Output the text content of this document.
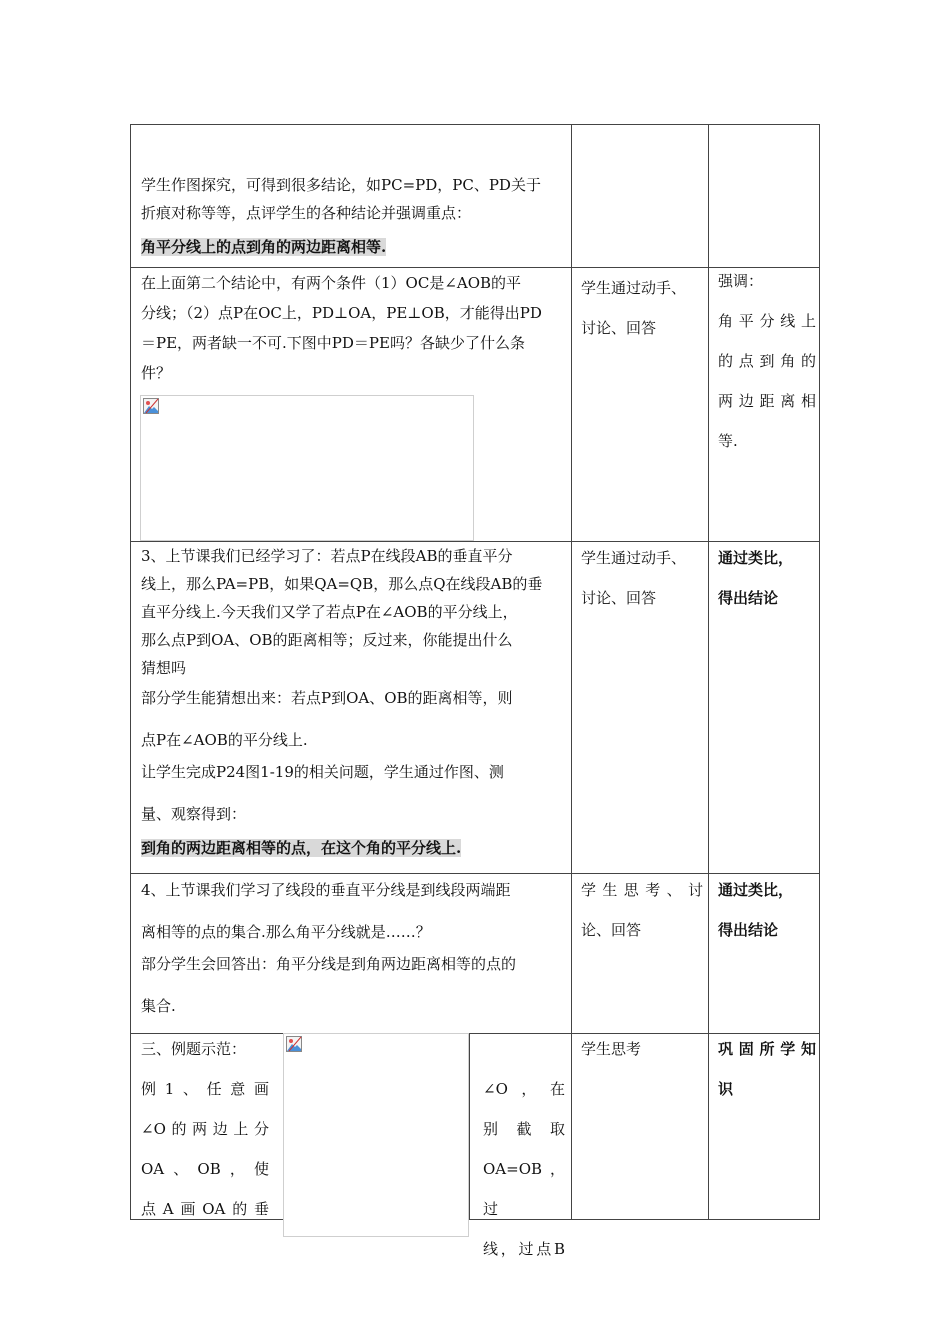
学生作图探究，可得到很多结论，如PC=PD，PC、PD关于

折痕对称等等，点评学生的各种结论并强调重点：

角平分线上的点到角的两边距离相等.

在上面第二个结论中，有两个条件（1）OC是∠AOB的平

分线；（2）点P在OC上，PD⊥OA，PE⊥OB，才能得出PD

＝PE，两者缺一不可.下图中PD＝PE吗？各缺少了什么条

件？

学生通过动手、

讨论、回答

强调：

角平分线上

的点到角的

两边距离相

等.

3、上节课我们已经学习了：若点P在线段AB的垂直平分

线上，那么PA=PB，如果QA=QB，那么点Q在线段AB的垂

直平分线上.今天我们又学了若点P在∠AOB的平分线上，

那么点P到OA、OB的距离相等；反过来，你能提出什么

猜想吗

部分学生能猜想出来：若点P到OA、OB的距离相等，则

点P在∠AOB的平分线上.

让学生完成P24图1-19的相关问题，学生通过作图、测

量、观察得到：

到角的两边距离相等的点，在这个角的平分线上.

学生通过动手、

讨论、回答

通过类比，

得出结论

4、上节课我们学习了线段的垂直平分线是到线段两端距

离相等的点的集合.那么角平分线就是……？

部分学生会回答出：角平分线是到角两边距离相等的点的

集合.

学生思考、讨

论、回答

通过类比，

得出结论

三、例题示范：

例1、任意画

∠O的两边上分

OA、OB，使

点A画OA的垂

∠O，在

别截取

OA=OB，过

线，过点B

学生思考	巩固所学知

识
